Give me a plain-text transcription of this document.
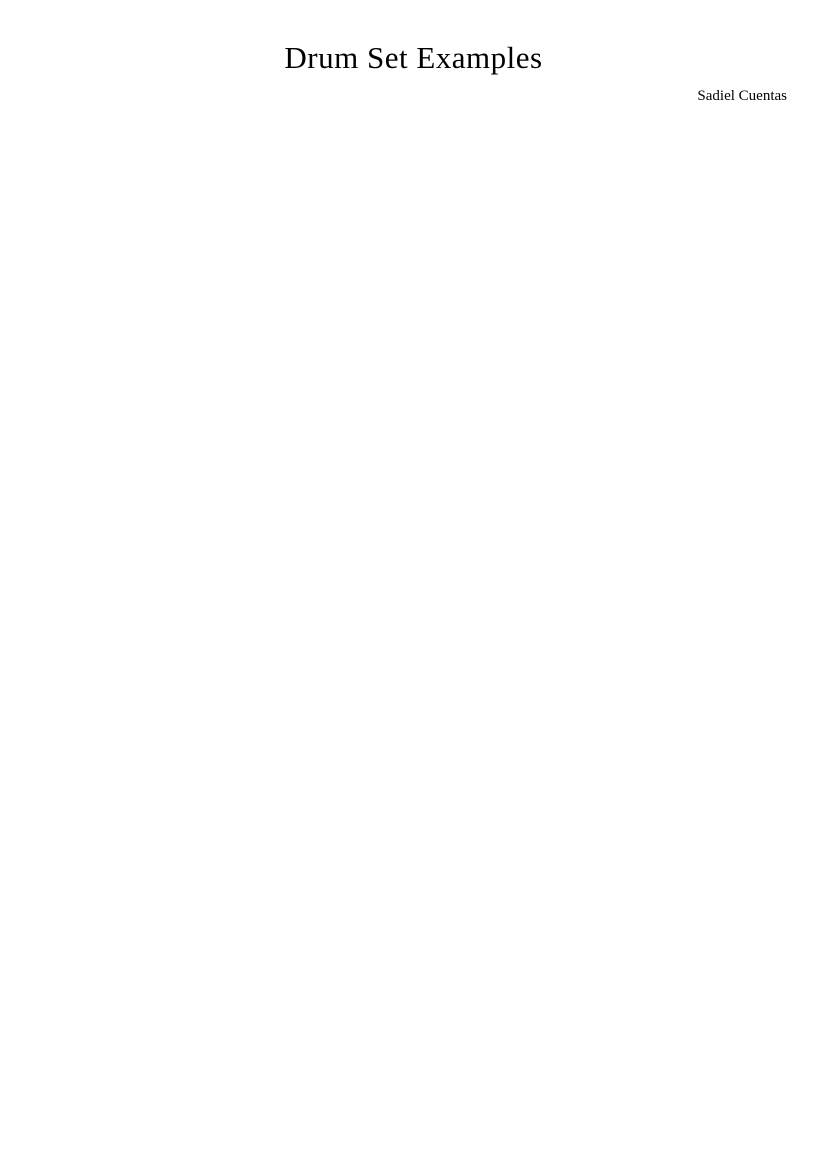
Drum Set Examples
Sadiel Cuentas
